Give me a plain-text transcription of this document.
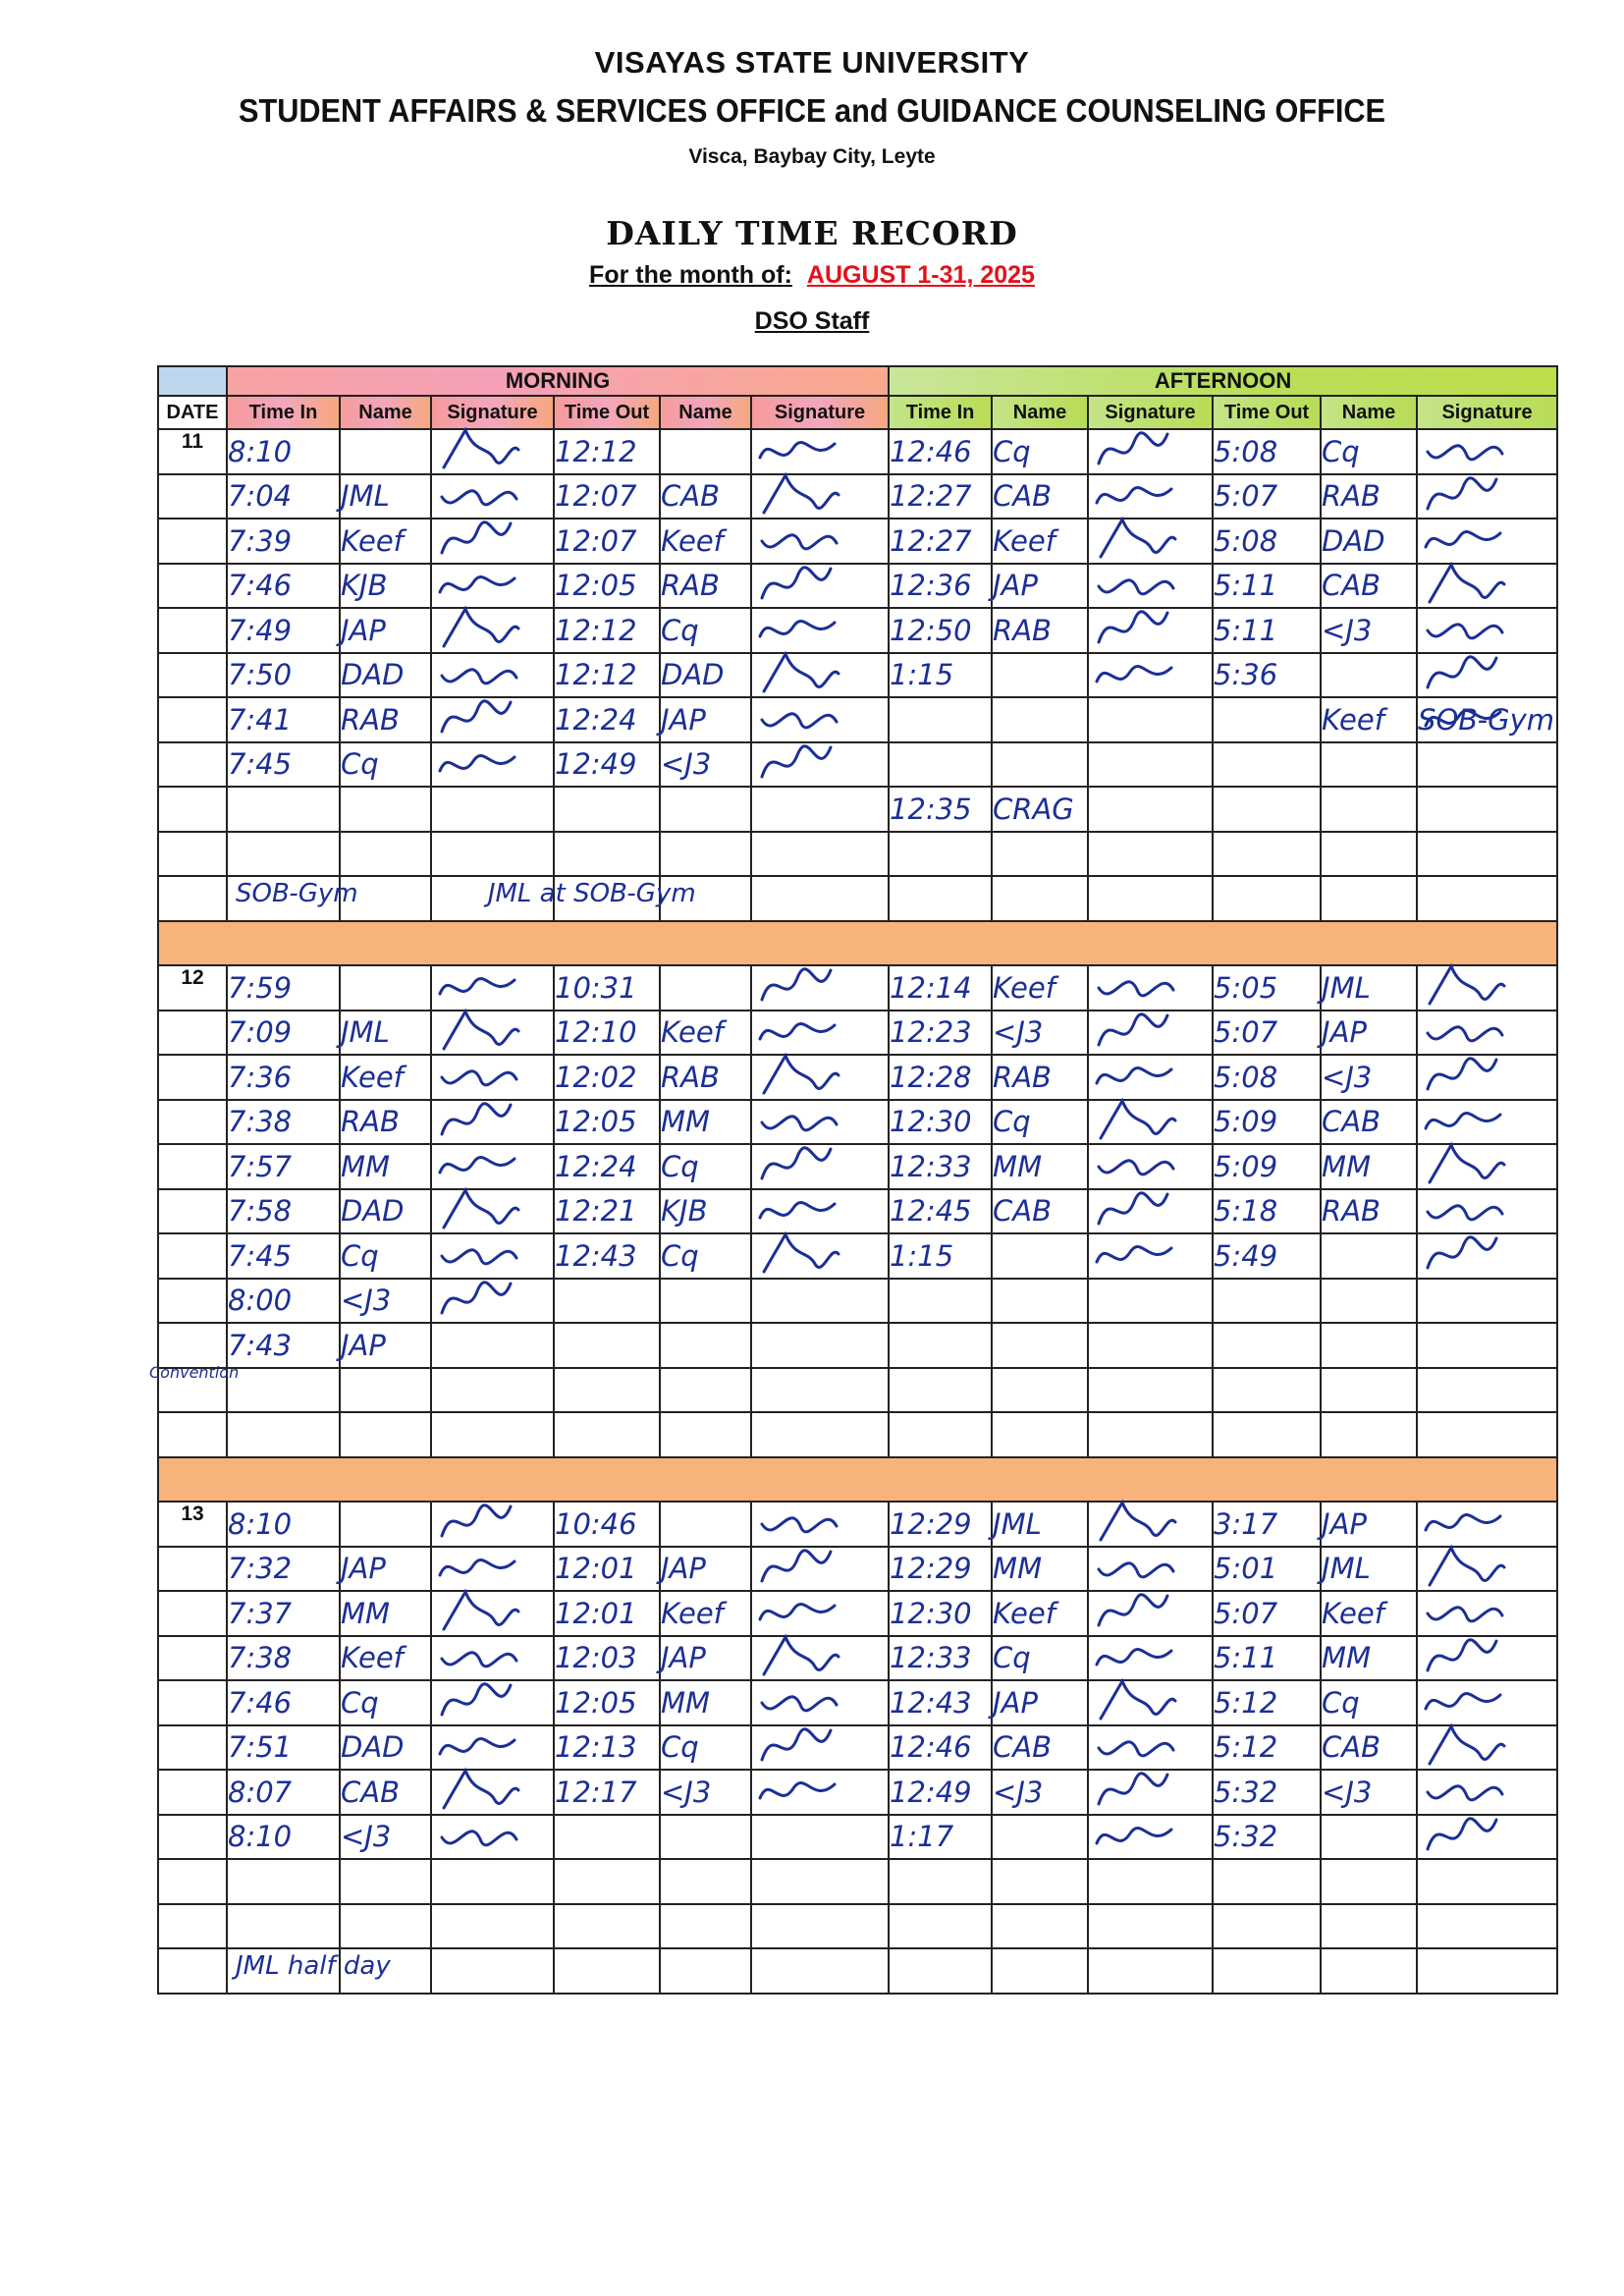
VISAYAS STATE UNIVERSITY
STUDENT AFFAIRS & SERVICES OFFICE and GUIDANCE COUNSELING OFFICE
Visca, Baybay City, Leyte
DAILY TIME RECORD
For the month of: AUGUST 1-31, 2025
DSO Staff
	MORNING						AFTERNOON					
DATE	Time In	Name	Signature	Time Out	Name	Signature	Time In	Name	Signature	Time Out	Name	Signature
11	8:10			12:12			12:46	Cq		5:08	Cq	

	7:04	JML		12:07	CAB		12:27	CAB		5:07	RAB	

	7:39	Keef		12:07	Keef		12:27	Keef		5:08	DAD	

	7:46	KJB		12:05	RAB		12:36	JAP		5:11	CAB	

	7:49	JAP		12:12	Cq		12:50	RAB		5:11	<J3	

	7:50	DAD		12:12	DAD		1:15			5:36		

	7:41	RAB		12:24	JAP						Keef	SOB-Gym

	7:45	Cq		12:49	<J3	

							12:35	CRAG				

	SOB-Gym                JML at SOB-Gym											

12	7:59			10:31			12:14	Keef		5:05	JML	

	7:09	JML		12:10	Keef		12:23	<J3		5:07	JAP	

	7:36	Keef		12:02	RAB		12:28	RAB		5:08	<J3	

	7:38	RAB		12:05	MM		12:30	Cq		5:09	CAB	

	7:57	MM		12:24	Cq		12:33	MM		5:09	MM	

	7:58	DAD		12:21	KJB		12:45	CAB		5:18	RAB	

	7:45	Cq		12:43	Cq		1:15			5:49		

	8:00	<J3	

	7:43	JAP										

13	8:10			10:46			12:29	JML		3:17	JAP	

	7:32	JAP		12:01	JAP		12:29	MM		5:01	JML	

	7:37	MM		12:01	Keef		12:30	Keef		5:07	Keef	

	7:38	Keef		12:03	JAP		12:33	Cq		5:11	MM	

	7:46	Cq		12:05	MM		12:43	JAP		5:12	Cq	

	7:51	DAD		12:13	Cq		12:46	CAB		5:12	CAB	

	8:07	CAB		12:17	<J3		12:49	<J3		5:32	<J3	

	8:10	<J3					1:17			5:32		

	JML half day											

Convention
